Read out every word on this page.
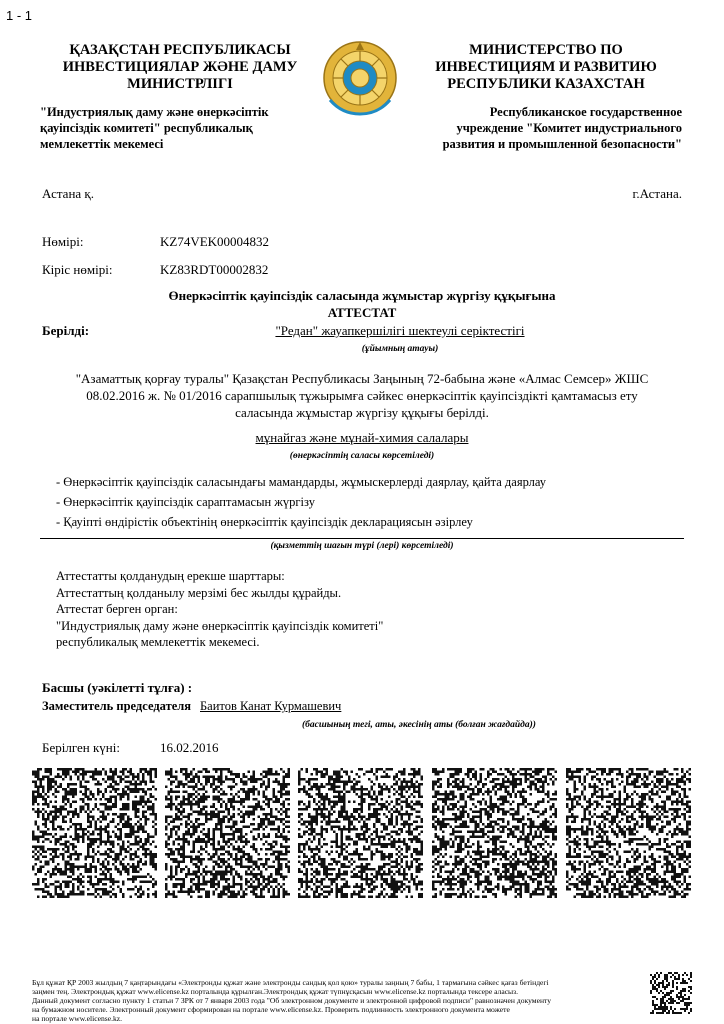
1 - 1
ҚАЗАҚСТАН РЕСПУБЛИКАСЫ
ИНВЕСТИЦИЯЛАР ЖӘНЕ ДАМУ
МИНИСТРЛІГІ
"Индустриялық даму және өнеркәсіптік
қауіпсіздік комитеті" республикалық
мемлекеттік мекемесі
МИНИСТЕРСТВО ПО
ИНВЕСТИЦИЯМ И РАЗВИТИЮ
РЕСПУБЛИКИ КАЗАХСТАН
Республиканское государственное
учреждение "Комитет индустриального
развития и промышленной безопасности"
Астана қ.	г.Астана.
Нөмірі:	KZ74VEK00004832
Кіріс нөмірі:	KZ83RDT00002832
Өнеркәсіптік қауіпсіздік саласында жұмыстар жүргізу құқығына
АТТЕСТАТ
Берілді:	"Редан" жауапкершілігі шектеулі серіктестігі
(ұйымның атауы)
"Азаматтық қорғау туралы" Қазақстан Республикасы Заңының 72-бабына және «Алмас Семсер» ЖШС
08.02.2016 ж. № 01/2016 сарапшылық тұжырымға сәйкес өнеркәсіптік қауіпсіздікті қамтамасыз ету
саласында жұмыстар жүргізу құқығы берілді.
мұнайгаз және мұнай-химия салалары
(өнеркәсіптің саласы көрсетіледі)
- Өнеркәсіптік қауіпсіздік саласындағы мамандарды, жұмыскерлерді даярлау, қайта даярлау
- Өнеркәсіптік қауіпсіздік сараптамасын жүргізу
- Қауіпті өндірістік объектінің өнеркәсіптік қауіпсіздік декларациясын әзірлеу
(қызметтің шағын түрі (лері) көрсетіледі)
Аттестатты қолданудың ерекше шарттары:
Аттестаттың қолданылу мерзімі бес жылды құрайды.
Аттестат берген орган:
"Индустриялық даму және өнеркәсіптік қауіпсіздік комитеті"
республикалық мемлекеттік мекемесі.
Басшы (уәкілетті тұлға) :
Заместитель председателя Баитов Канат Курмашевич
(басшының тегі, аты, әкесінің аты (болған жағдайда))
Берілген күні:	16.02.2016
Бұл құжат ҚР 2003 жылдың 7 қаңтарындағы «Электронды құжат және электронды сандық қол қою» туралы заңның 7 бабы, 1 тармағына сәйкес қағаз бетіндегі
заңмен тең. Электрондық құжат www.elicense.kz порталында құрылған.Электрондық құжат түпнұсқасын www.elicense.kz порталында тексере аласыз.
Данный документ согласно пункту 1 статьи 7 ЗРК от 7 января 2003 года "Об электронном документе и электронной цифровой подписи" равнозначен документу
на бумажном носителе. Электронный документ сформирован на портале www.elicense.kz. Проверить подлинность электронного документа можете
на портале www.elicense.kz.
